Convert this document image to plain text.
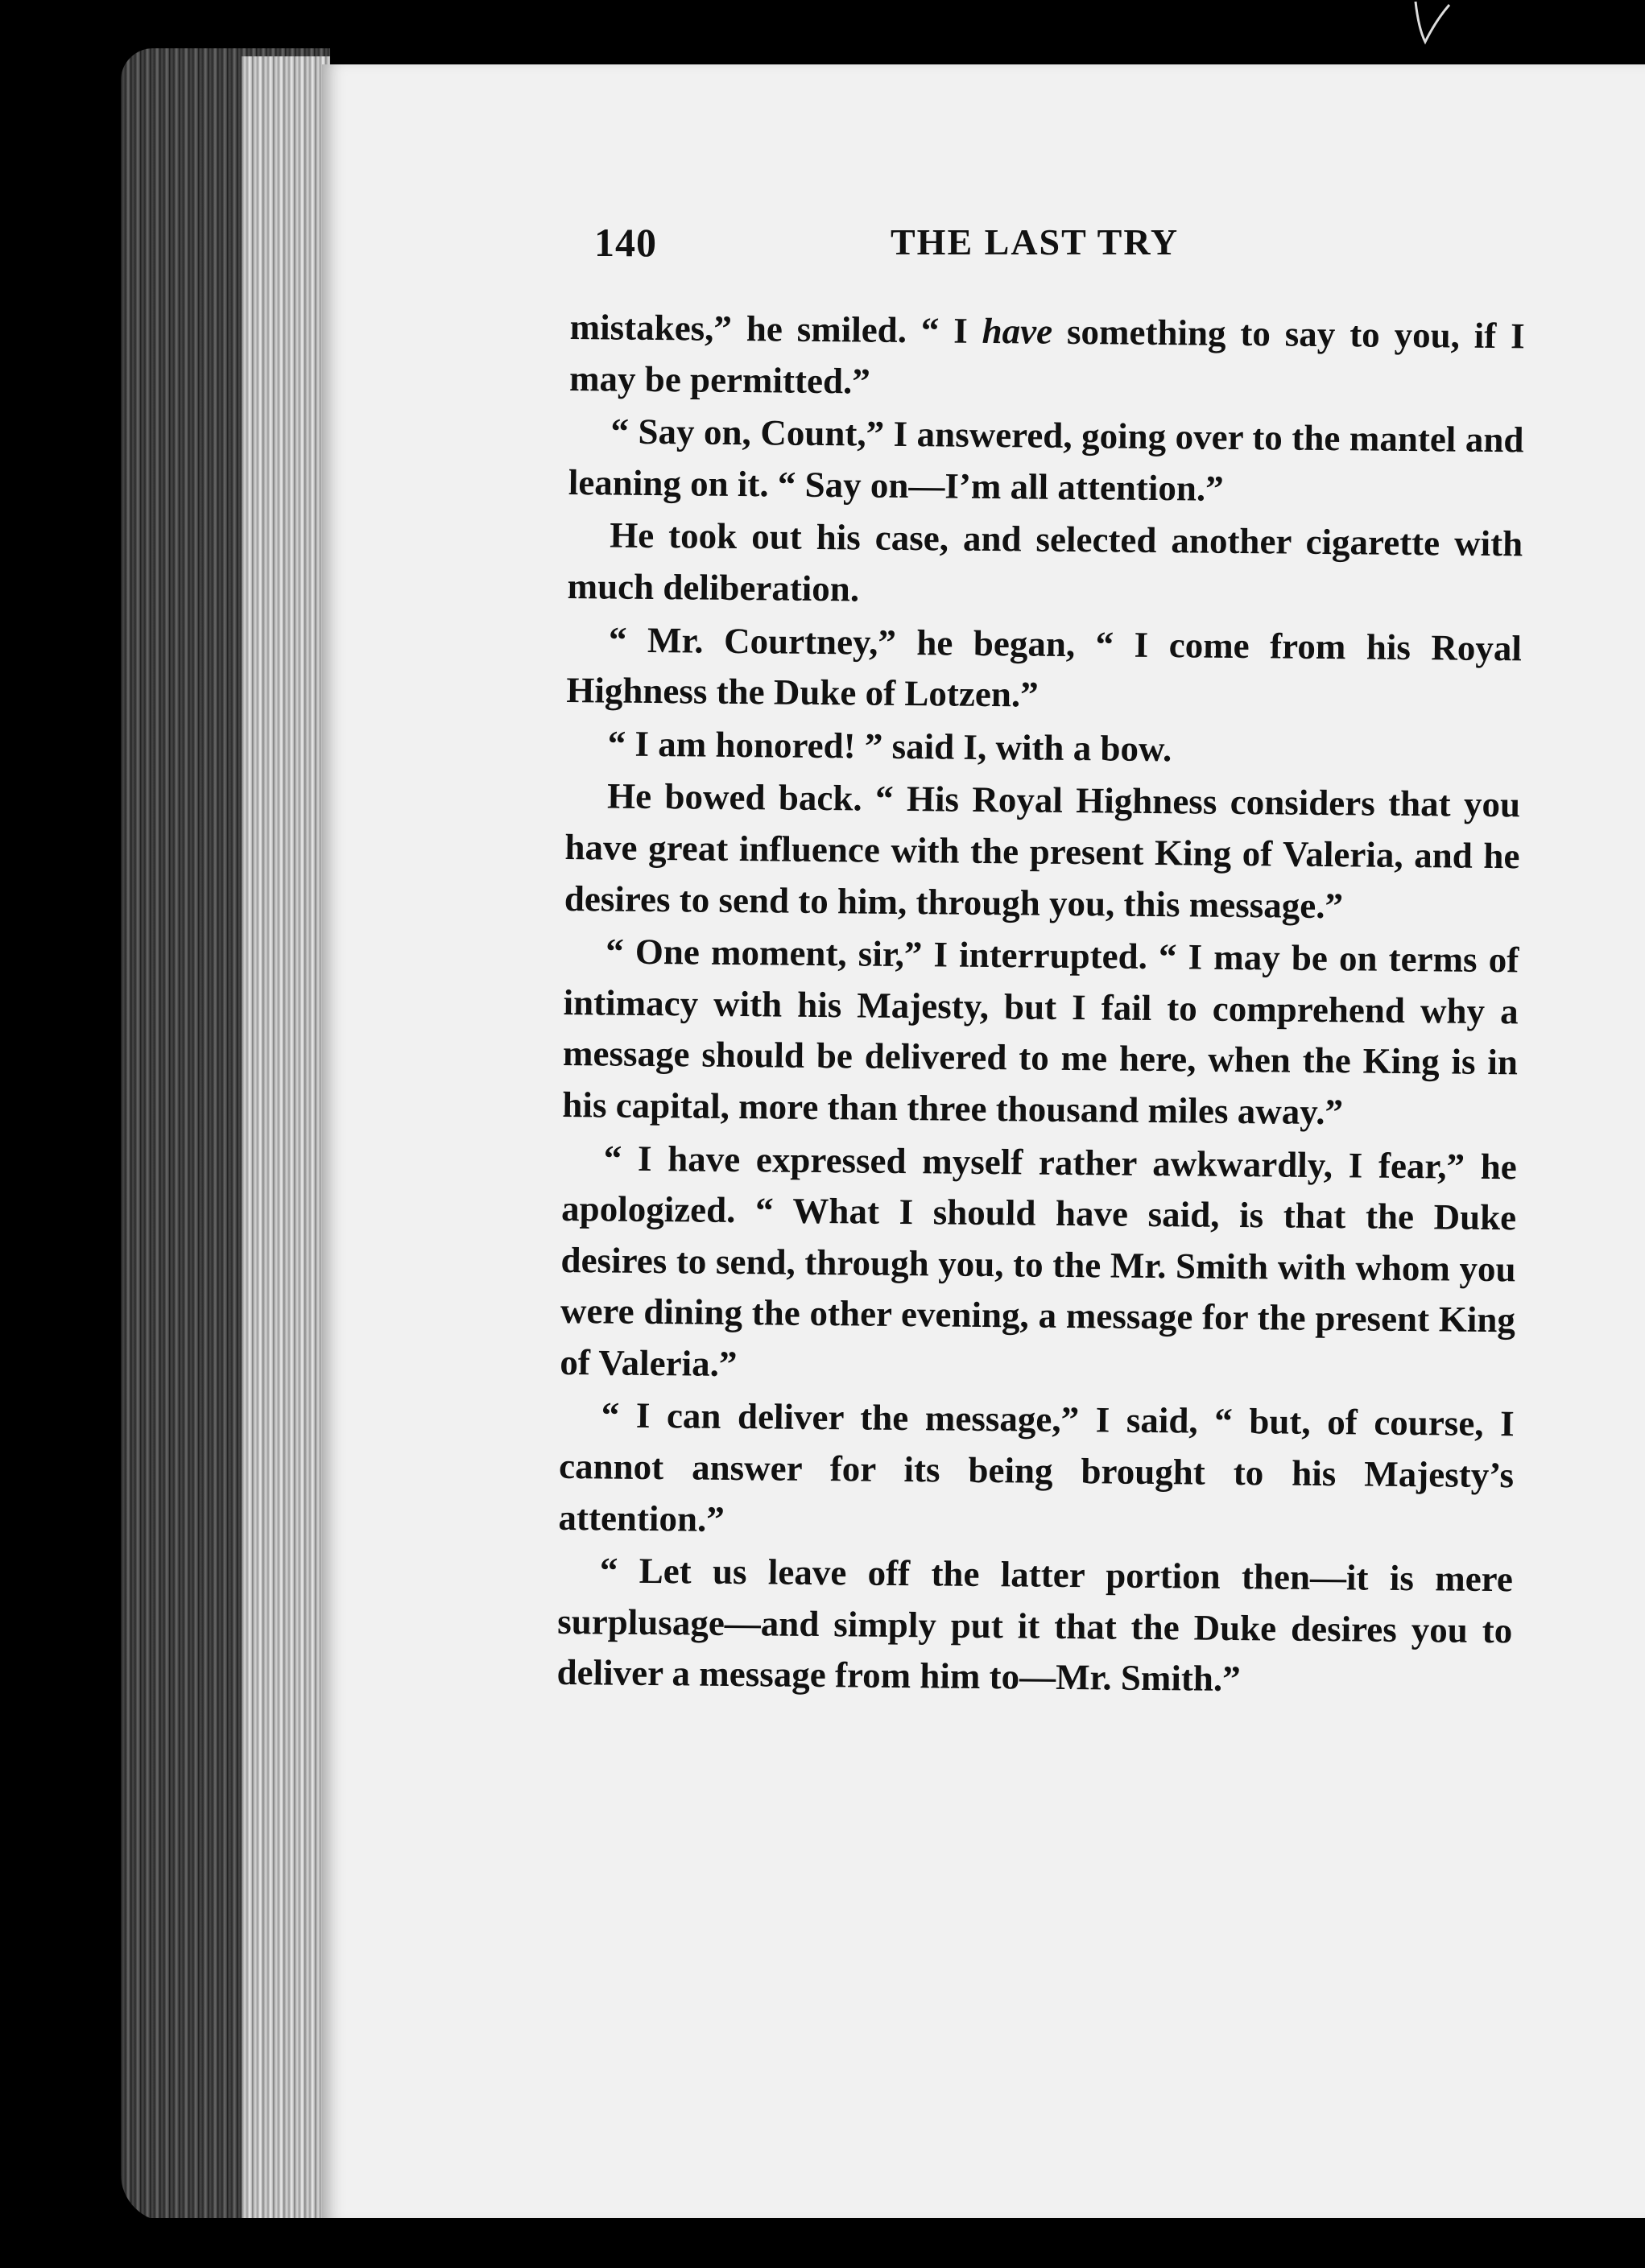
140	THE LAST TRY

mistakes,” he smiled. “ I have something to say to you, if I may be permitted.”

“ Say on, Count,” I answered, going over to the mantel and leaning on it. “ Say on—I’m all attention.”

He took out his case, and selected another cigarette with much deliberation.

“ Mr. Courtney,” he began, “ I come from his Royal Highness the Duke of Lotzen.”

“ I am honored! ” said I, with a bow.

He bowed back. “ His Royal Highness considers that you have great influence with the present King of Valeria, and he desires to send to him, through you, this message.”

“ One moment, sir,” I interrupted. “ I may be on terms of intimacy with his Majesty, but I fail to comprehend why a message should be delivered to me here, when the King is in his capital, more than three thousand miles away.”

“ I have expressed myself rather awkwardly, I fear,” he apologized. “ What I should have said, is that the Duke desires to send, through you, to the Mr. Smith with whom you were dining the other evening, a message for the present King of Valeria.”

“ I can deliver the message,” I said, “ but, of course, I cannot answer for its being brought to his Majesty’s attention.”

“ Let us leave off the latter portion then—it is mere surplusage—and simply put it that the Duke desires you to deliver a message from him to—Mr. Smith.”
